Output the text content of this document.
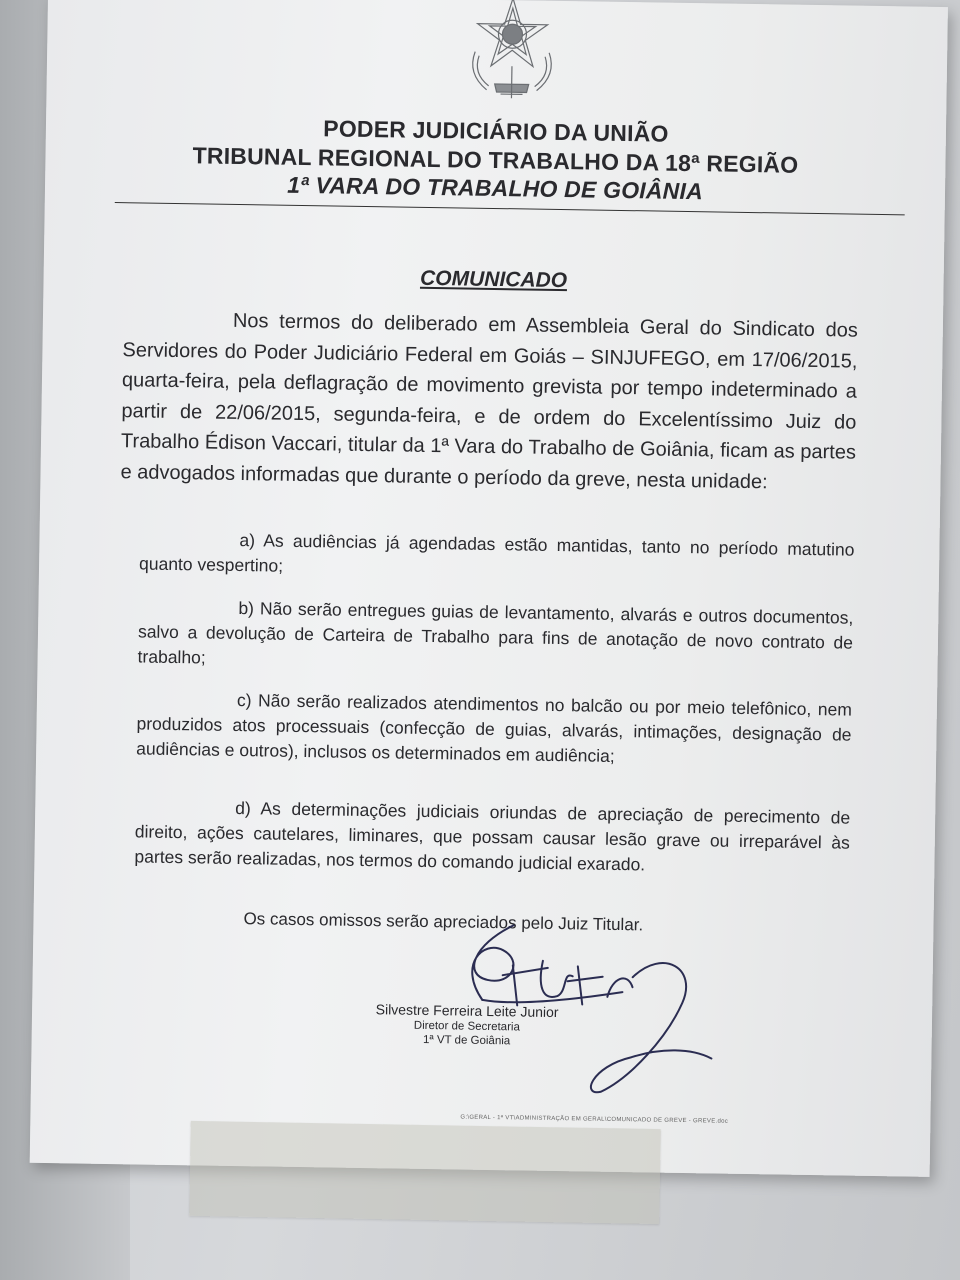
PODER JUDICIÁRIO DA UNIÃO
TRIBUNAL REGIONAL DO TRABALHO DA 18ª REGIÃO
1ª VARA DO TRABALHO DE GOIÂNIA
COMUNICADO
Nos termos do deliberado em Assembleia Geral do Sindicato dos Servidores do Poder Judiciário Federal em Goiás – SINJUFEGO, em 17/06/2015, quarta-feira, pela deflagração de movimento grevista por tempo indeterminado a partir de 22/06/2015, segunda-feira, e de ordem do Excelentíssimo Juiz do Trabalho Édison Vaccari, titular da 1ª Vara do Trabalho de Goiânia, ficam as partes e advogados informadas que durante o período da greve, nesta unidade:
a) As audiências já agendadas estão mantidas, tanto no período matutino quanto vespertino;
b) Não serão entregues guias de levantamento, alvarás e outros documentos, salvo a devolução de Carteira de Trabalho para fins de anotação de novo contrato de trabalho;
c) Não serão realizados atendimentos no balcão ou por meio telefônico, nem produzidos atos processuais (confecção de guias, alvarás, intimações, designação de audiências e outros), inclusos os determinados em audiência;
d) As determinações judiciais oriundas de apreciação de perecimento de direito, ações cautelares, liminares, que possam causar lesão grave ou irreparável às partes serão realizadas, nos termos do comando judicial exarado.
Os casos omissos serão apreciados pelo Juiz Titular.
Silvestre Ferreira Leite Junior
Diretor de Secretaria
1ª VT de Goiânia
G:\GERAL - 1ª VT\ADMINISTRAÇÃO EM GERAL\COMUNICADO DE GREVE - GREVE.doc
